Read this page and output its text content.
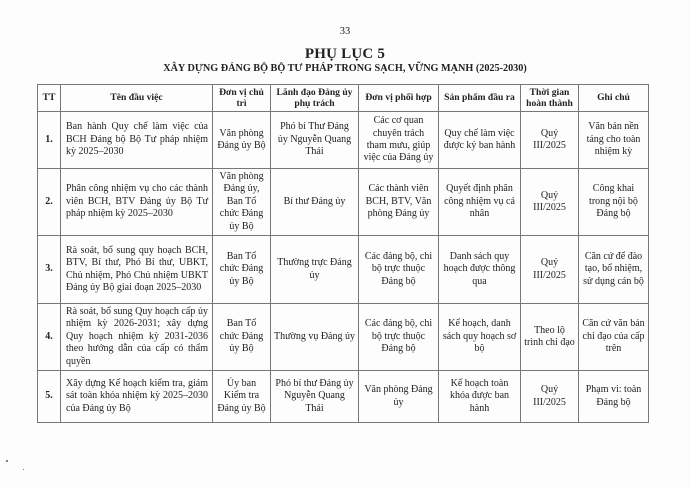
33
PHỤ LỤC 5
XÂY DỰNG ĐẢNG BỘ BỘ TƯ PHÁP TRONG SẠCH, VỮNG MẠNH (2025-2030)
TT	Tên đầu việc	Đơn vị chủ trì	Lãnh đạo Đảng ủy phụ trách	Đơn vị phối hợp	Sản phẩm đầu ra	Thời gian hoàn thành	Ghi chú
1.	Ban hành Quy chế làm việc của BCH Đảng bộ Bộ Tư pháp nhiệm kỳ 2025–2030	Văn phòng Đảng ủy Bộ	Phó bí Thư Đảng ủy Nguyễn Quang Thái	Các cơ quan chuyên trách tham mưu, giúp việc của Đảng ủy	Quy chế làm việc được ký ban hành	Quý III/2025	Văn bản nền tảng cho toàn nhiệm kỳ
2.	Phân công nhiệm vụ cho các thành viên BCH, BTV Đảng ủy Bộ Tư pháp nhiệm kỳ 2025–2030	Văn phòng Đảng ủy, Ban Tổ chức Đảng ủy Bộ	Bí thư Đảng ủy	Các thành viên BCH, BTV, Văn phòng Đảng ủy	Quyết định phân công nhiệm vụ cá nhân	Quý III/2025	Công khai trong nội bộ Đảng bộ
3.	Rà soát, bổ sung quy hoạch BCH, BTV, Bí thư, Phó Bí thư, UBKT, Chủ nhiệm, Phó Chủ nhiệm UBKT Đảng ủy Bộ giai đoạn 2025–2030	Ban Tổ chức Đảng ủy Bộ	Thường trực Đảng ủy	Các đảng bộ, chi bộ trực thuộc Đảng bộ	Danh sách quy hoạch được thông qua	Quý III/2025	Căn cứ để đào tạo, bổ nhiệm, sử dụng cán bộ
4.	Rà soát, bổ sung Quy hoạch cấp ủy nhiệm kỳ 2026-2031; xây dựng Quy hoạch nhiệm kỳ 2031-2036 theo hướng dẫn của cấp có thẩm quyền	Ban Tổ chức Đảng ủy Bộ	Thường vụ Đảng ủy	Các đảng bộ, chi bộ trực thuộc Đảng bộ	Kế hoạch, danh sách quy hoạch sơ bộ	Theo lộ trình chỉ đạo	Căn cứ văn bản chỉ đạo của cấp trên
5.	Xây dựng Kế hoạch kiểm tra, giám sát toàn khóa nhiệm kỳ 2025–2030 của Đảng ủy Bộ	Ủy ban Kiểm tra Đảng ủy Bộ	Phó bí thư Đảng ủy Nguyễn Quang Thái	Văn phòng Đảng ủy	Kế hoạch toàn khóa được ban hành	Quý III/2025	Phạm vi: toàn Đảng bộ
